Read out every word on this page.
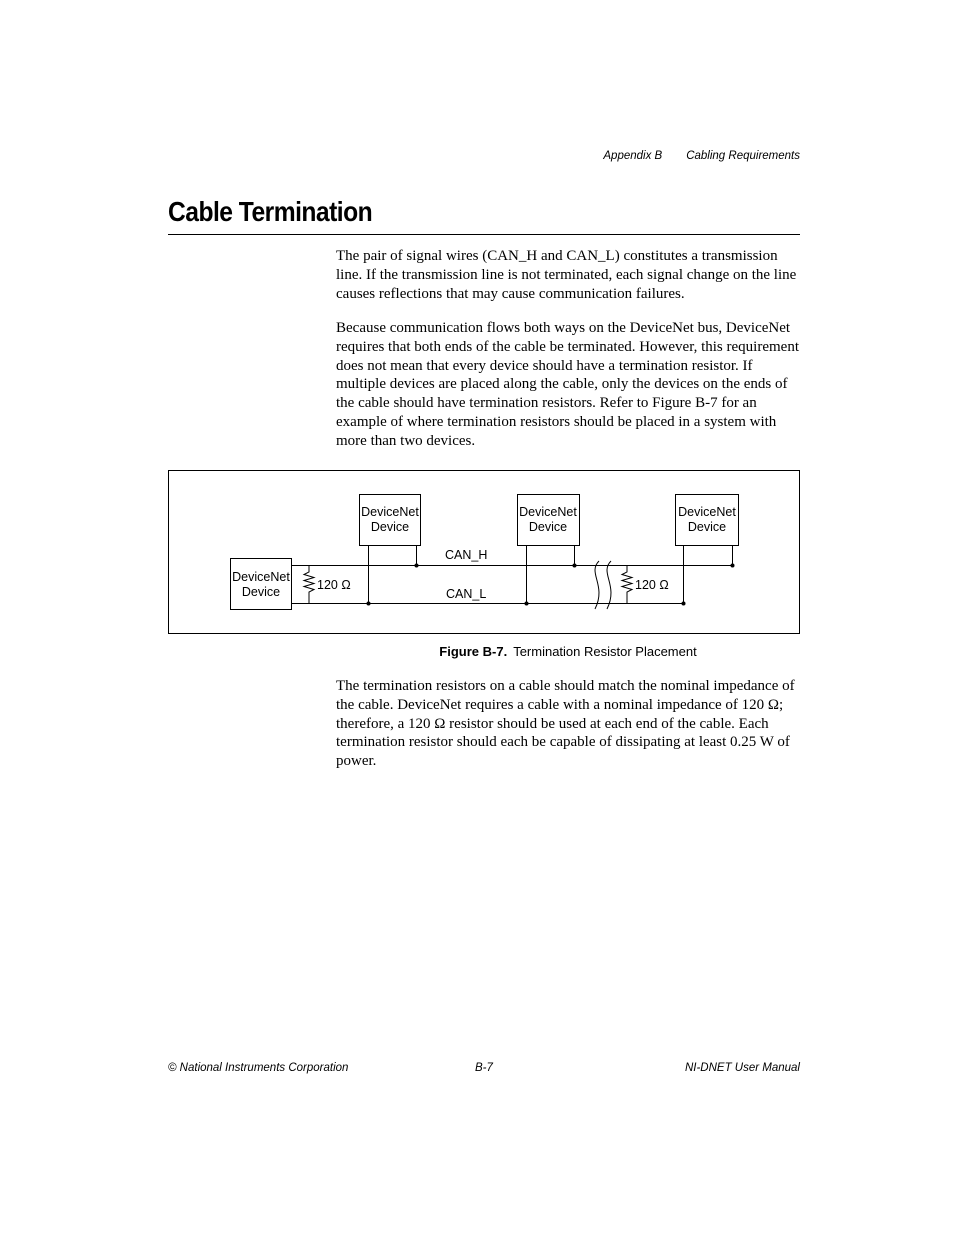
Appendix B Cabling Requirements
Cable Termination

The pair of signal wires (CAN_H and CAN_L) constitutes a transmission line. If the transmission line is not terminated, each signal change on the line causes reflections that may cause communication failures.

Because communication flows both ways on the DeviceNet bus, DeviceNet requires that both ends of the cable be terminated. However, this requirement does not mean that every device should have a termination resistor. If multiple devices are placed along the cable, only the devices on the ends of the cable should have termination resistors. Refer to Figure B-7 for an example of where termination resistors should be placed in a system with more than two devices.

DeviceNet
Device
DeviceNet
Device
DeviceNet
Device
DeviceNet
Device
CAN_H
CAN_L
120 Ω	120 Ω
Figure B-7. Termination Resistor Placement

The termination resistors on a cable should match the nominal impedance of the cable. DeviceNet requires a cable with a nominal impedance of 120 Ω; therefore, a 120 Ω resistor should be used at each end of the cable. Each termination resistor should each be capable of dissipating at least 0.25 W of power.

© National Instruments Corporation	B-7	NI-DNET User Manual
